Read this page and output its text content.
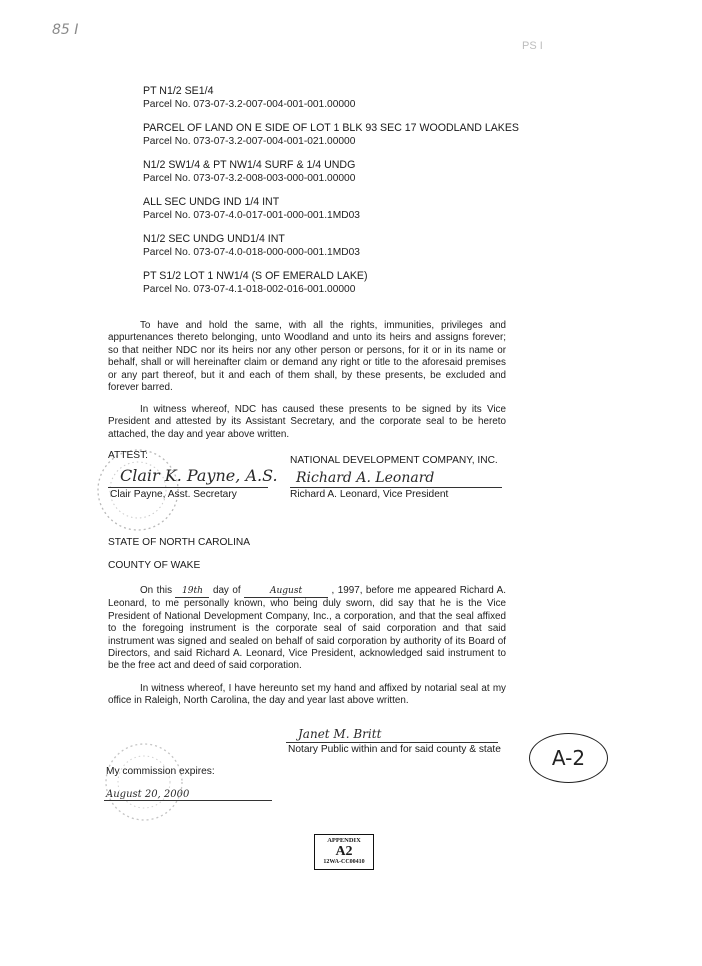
85 I
PS I
PT N1/2 SE1/4
Parcel No. 073-07-3.2-007-004-001-001.00000
PARCEL OF LAND ON E SIDE OF LOT 1 BLK 93 SEC 17 WOODLAND LAKES
Parcel No. 073-07-3.2-007-004-001-021.00000
N1/2 SW1/4 & PT NW1/4 SURF & 1/4 UNDG
Parcel No. 073-07-3.2-008-003-000-001.00000
ALL SEC UNDG IND 1/4 INT
Parcel No. 073-07-4.0-017-001-000-001.1MD03
N1/2 SEC UNDG UND1/4 INT
Parcel No. 073-07-4.0-018-000-000-001.1MD03
PT S1/2 LOT 1 NW1/4 (S OF EMERALD LAKE)
Parcel No. 073-07-4.1-018-002-016-001.00000
To have and hold the same, with all the rights, immunities, privileges and appurtenances thereto belonging, unto Woodland and unto its heirs and assigns forever; so that neither NDC nor its heirs nor any other person or persons, for it or in its name or behalf, shall or will hereinafter claim or demand any right or title to the aforesaid premises or any part thereof, but it and each of them shall, by these presents, be excluded and forever barred.
In witness whereof, NDC has caused these presents to be signed by its Vice President and attested by its Assistant Secretary, and the corporate seal to be hereto attached, the day and year above written.
ATTEST:	NATIONAL DEVELOPMENT COMPANY, INC.
Clair K. Payne, A.S. Richard A. Leonard
Clair Payne, Asst. Secretary	Richard A. Leonard, Vice President
STATE OF NORTH CAROLINA
COUNTY OF WAKE
On this 19th day of	August	, 1997, before me appeared Richard A. Leonard, to me personally known, who being duly sworn, did say that he is the Vice President of National Development Company, Inc., a corporation, and that the seal affixed to the foregoing instrument is the corporate seal of said corporation and that said instrument was signed and sealed on behalf of said corporation by authority of its Board of Directors, and said Richard A. Leonard, Vice President, acknowledged said instrument to be the free act and deed of said corporation.
In witness whereof, I have hereunto set my hand and affixed by notarial seal at my office in Raleigh, North Carolina, the day and year last above written.
Janet M. Britt
Notary Public within and for said county & state	A-2
My commission expires:
August 20, 2000
APPENDIX
A2
12WA-CC00410
